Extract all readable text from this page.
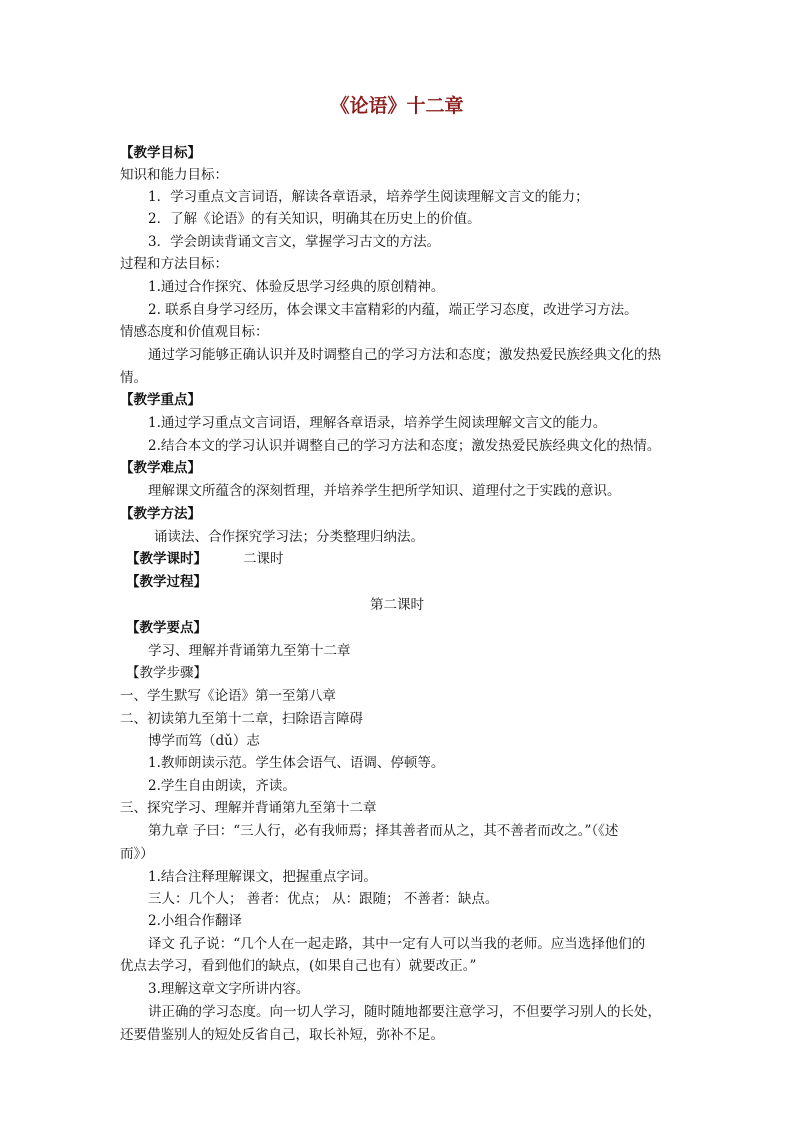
《论语》十二章
【教学目标】
知识和能力目标：
1．学习重点文言词语，解读各章语录，培养学生阅读理解文言文的能力；
2．了解《论语》的有关知识，明确其在历史上的价值。
3．学会朗读背诵文言文，掌握学习古文的方法。
过程和方法目标：
1.通过合作探究、体验反思学习经典的原创精神。
2. 联系自身学习经历，体会课文丰富精彩的内蕴，端正学习态度，改进学习方法。
情感态度和价值观目标：
通过学习能够正确认识并及时调整自己的学习方法和态度；激发热爱民族经典文化的热
情。
【教学重点】
1.通过学习重点文言词语，理解各章语录，培养学生阅读理解文言文的能力。
2.结合本文的学习认识并调整自己的学习方法和态度；激发热爱民族经典文化的热情。
【教学难点】
理解课文所蕴含的深刻哲理，并培养学生把所学知识、道理付之于实践的意识。
【教学方法】
诵读法、合作探究学习法；分类整理归纳法。
【教学课时】	二课时
【教学过程】
第二课时
【教学要点】
学习、理解并背诵第九至第十二章
【教学步骤】
一、学生默写《论语》第一至第八章
二、初读第九至第十二章，扫除语言障碍
博学而笃（dǔ）志
1.教师朗读示范。学生体会语气、语调、停顿等。
2.学生自由朗读，齐读。
三、探究学习、理解并背诵第九至第十二章
第九章 子曰：“三人行，必有我师焉；择其善者而从之，其不善者而改之。”（《述
而》）
1.结合注释理解课文，把握重点字词。
三人：几个人； 善者：优点； 从：跟随； 不善者：缺点。
2.小组合作翻译
译文 孔子说：“几个人在一起走路，其中一定有人可以当我的老师。应当选择他们的
优点去学习，看到他们的缺点，(如果自己也有）就要改正。”
3.理解这章文字所讲内容。
讲正确的学习态度。向一切人学习，随时随地都要注意学习，不但要学习别人的长处，
还要借鉴别人的短处反省自己，取长补短，弥补不足。
